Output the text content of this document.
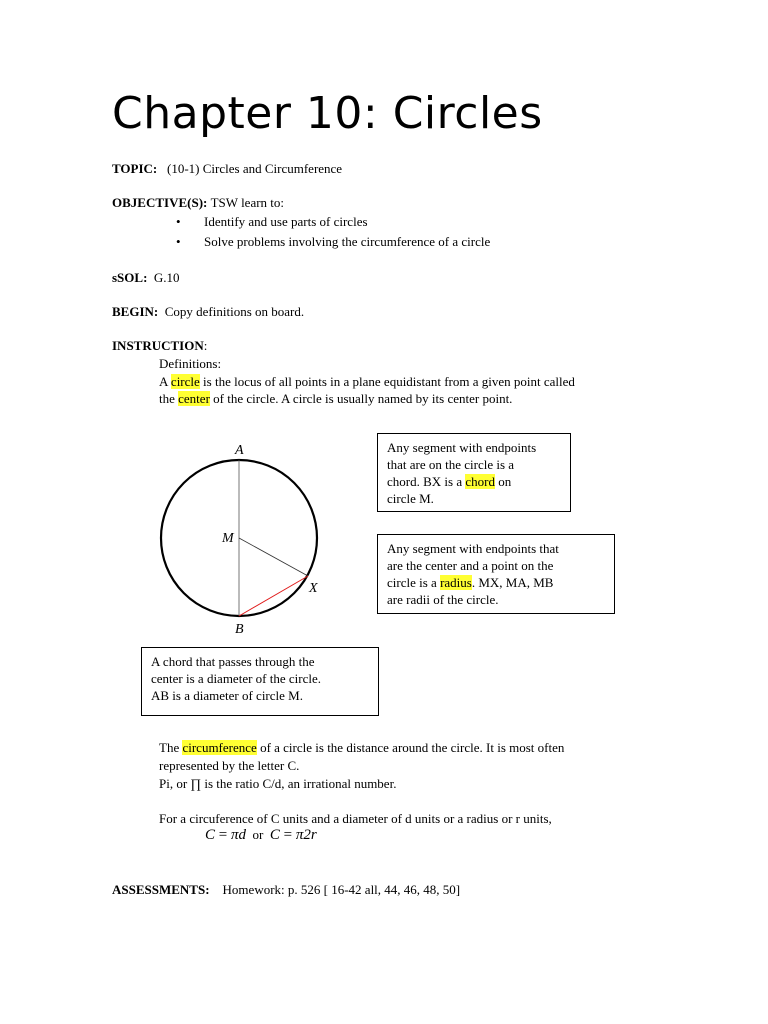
Chapter 10: Circles
TOPIC: (10-1) Circles and Circumference
OBJECTIVE(S): TSW learn to:
• Identify and use parts of circles
• Solve problems involving the circumference of a circle
sSOL: G.10
BEGIN: Copy definitions on board.
INSTRUCTION:
Definitions:
A circle is the locus of all points in a plane equidistant from a given point called
the center of the circle. A circle is usually named by its center point.
A
M
X
B
Any segment with endpoints
that are on the circle is a
chord. BX is a chord on
circle M.
Any segment with endpoints that
are the center and a point on the
circle is a radius. MX, MA, MB
are radii of the circle.
A chord that passes through the
center is a diameter of the circle.
AB is a diameter of circle M.
The circumference of a circle is the distance around the circle. It is most often
represented by the letter C.
Pi, or ∏ is the ratio C/d, an irrational number.
For a circuference of C units and a diameter of d units or a radius or r units,
C = πd or C = π2r
ASSESSMENTS: Homework: p. 526 [ 16-42 all, 44, 46, 48, 50]
